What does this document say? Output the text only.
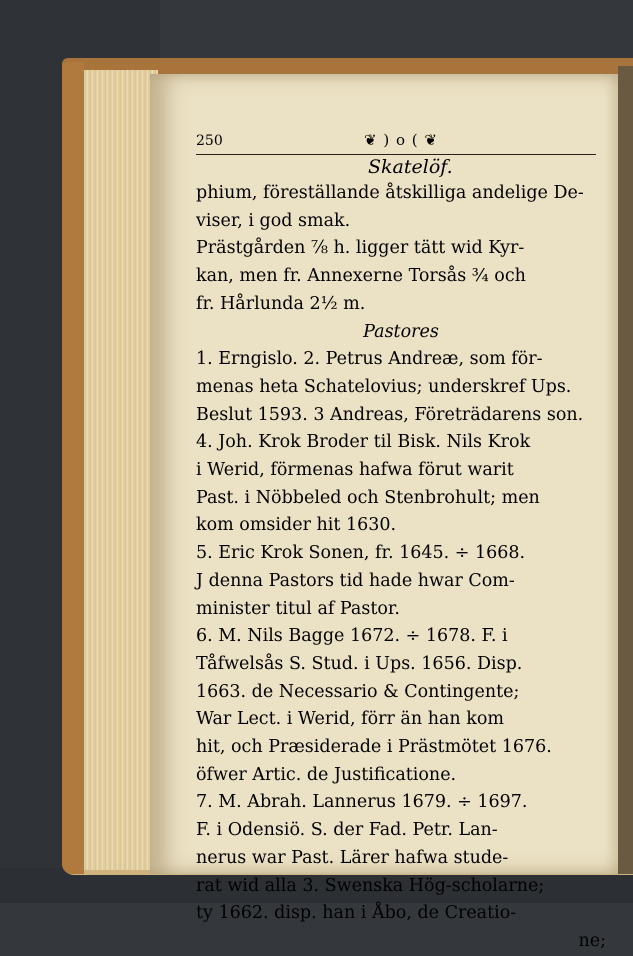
250	❦ ) o ( ❦
Skatelöf.
phium, föreställande åtskilliga andelige De-
viser, i god smak.
Prästgården ⅞ h. ligger tätt wid Kyr-
kan, men fr. Annexerne Torsås ¾ och
fr. Hårlunda 2½ m.
Pastores
1. Erngislo. 2. Petrus Andreæ, som för-
menas heta Schatelovius; underskref Ups.
Beslut 1593. 3 Andreas, Företrädarens son.
4. Joh. Krok Broder til Bisk. Nils Krok
i Werid, förmenas hafwa förut warit
Past. i Nöbbeled och Stenbrohult; men
kom omsider hit 1630.
5. Eric Krok Sonen, fr. 1645. ÷ 1668.
J denna Pastors tid hade hwar Com-
minister titul af Pastor.
6. M. Nils Bagge 1672. ÷ 1678. F. i
Tåfwelsås S. Stud. i Ups. 1656. Disp.
1663. de Necessario & Contingente;
War Lect. i Werid, förr än han kom
hit, och Præsiderade i Prästmötet 1676.
öfwer Artic. de Justificatione.
7. M. Abrah. Lannerus 1679. ÷ 1697.
F. i Odensiö. S. der Fad. Petr. Lan-
nerus war Past. Lärer hafwa stude-
rat wid alla 3. Swenska Hög-scholarne;
ty 1662. disp. han i Åbo, de Creatio-
ne;
